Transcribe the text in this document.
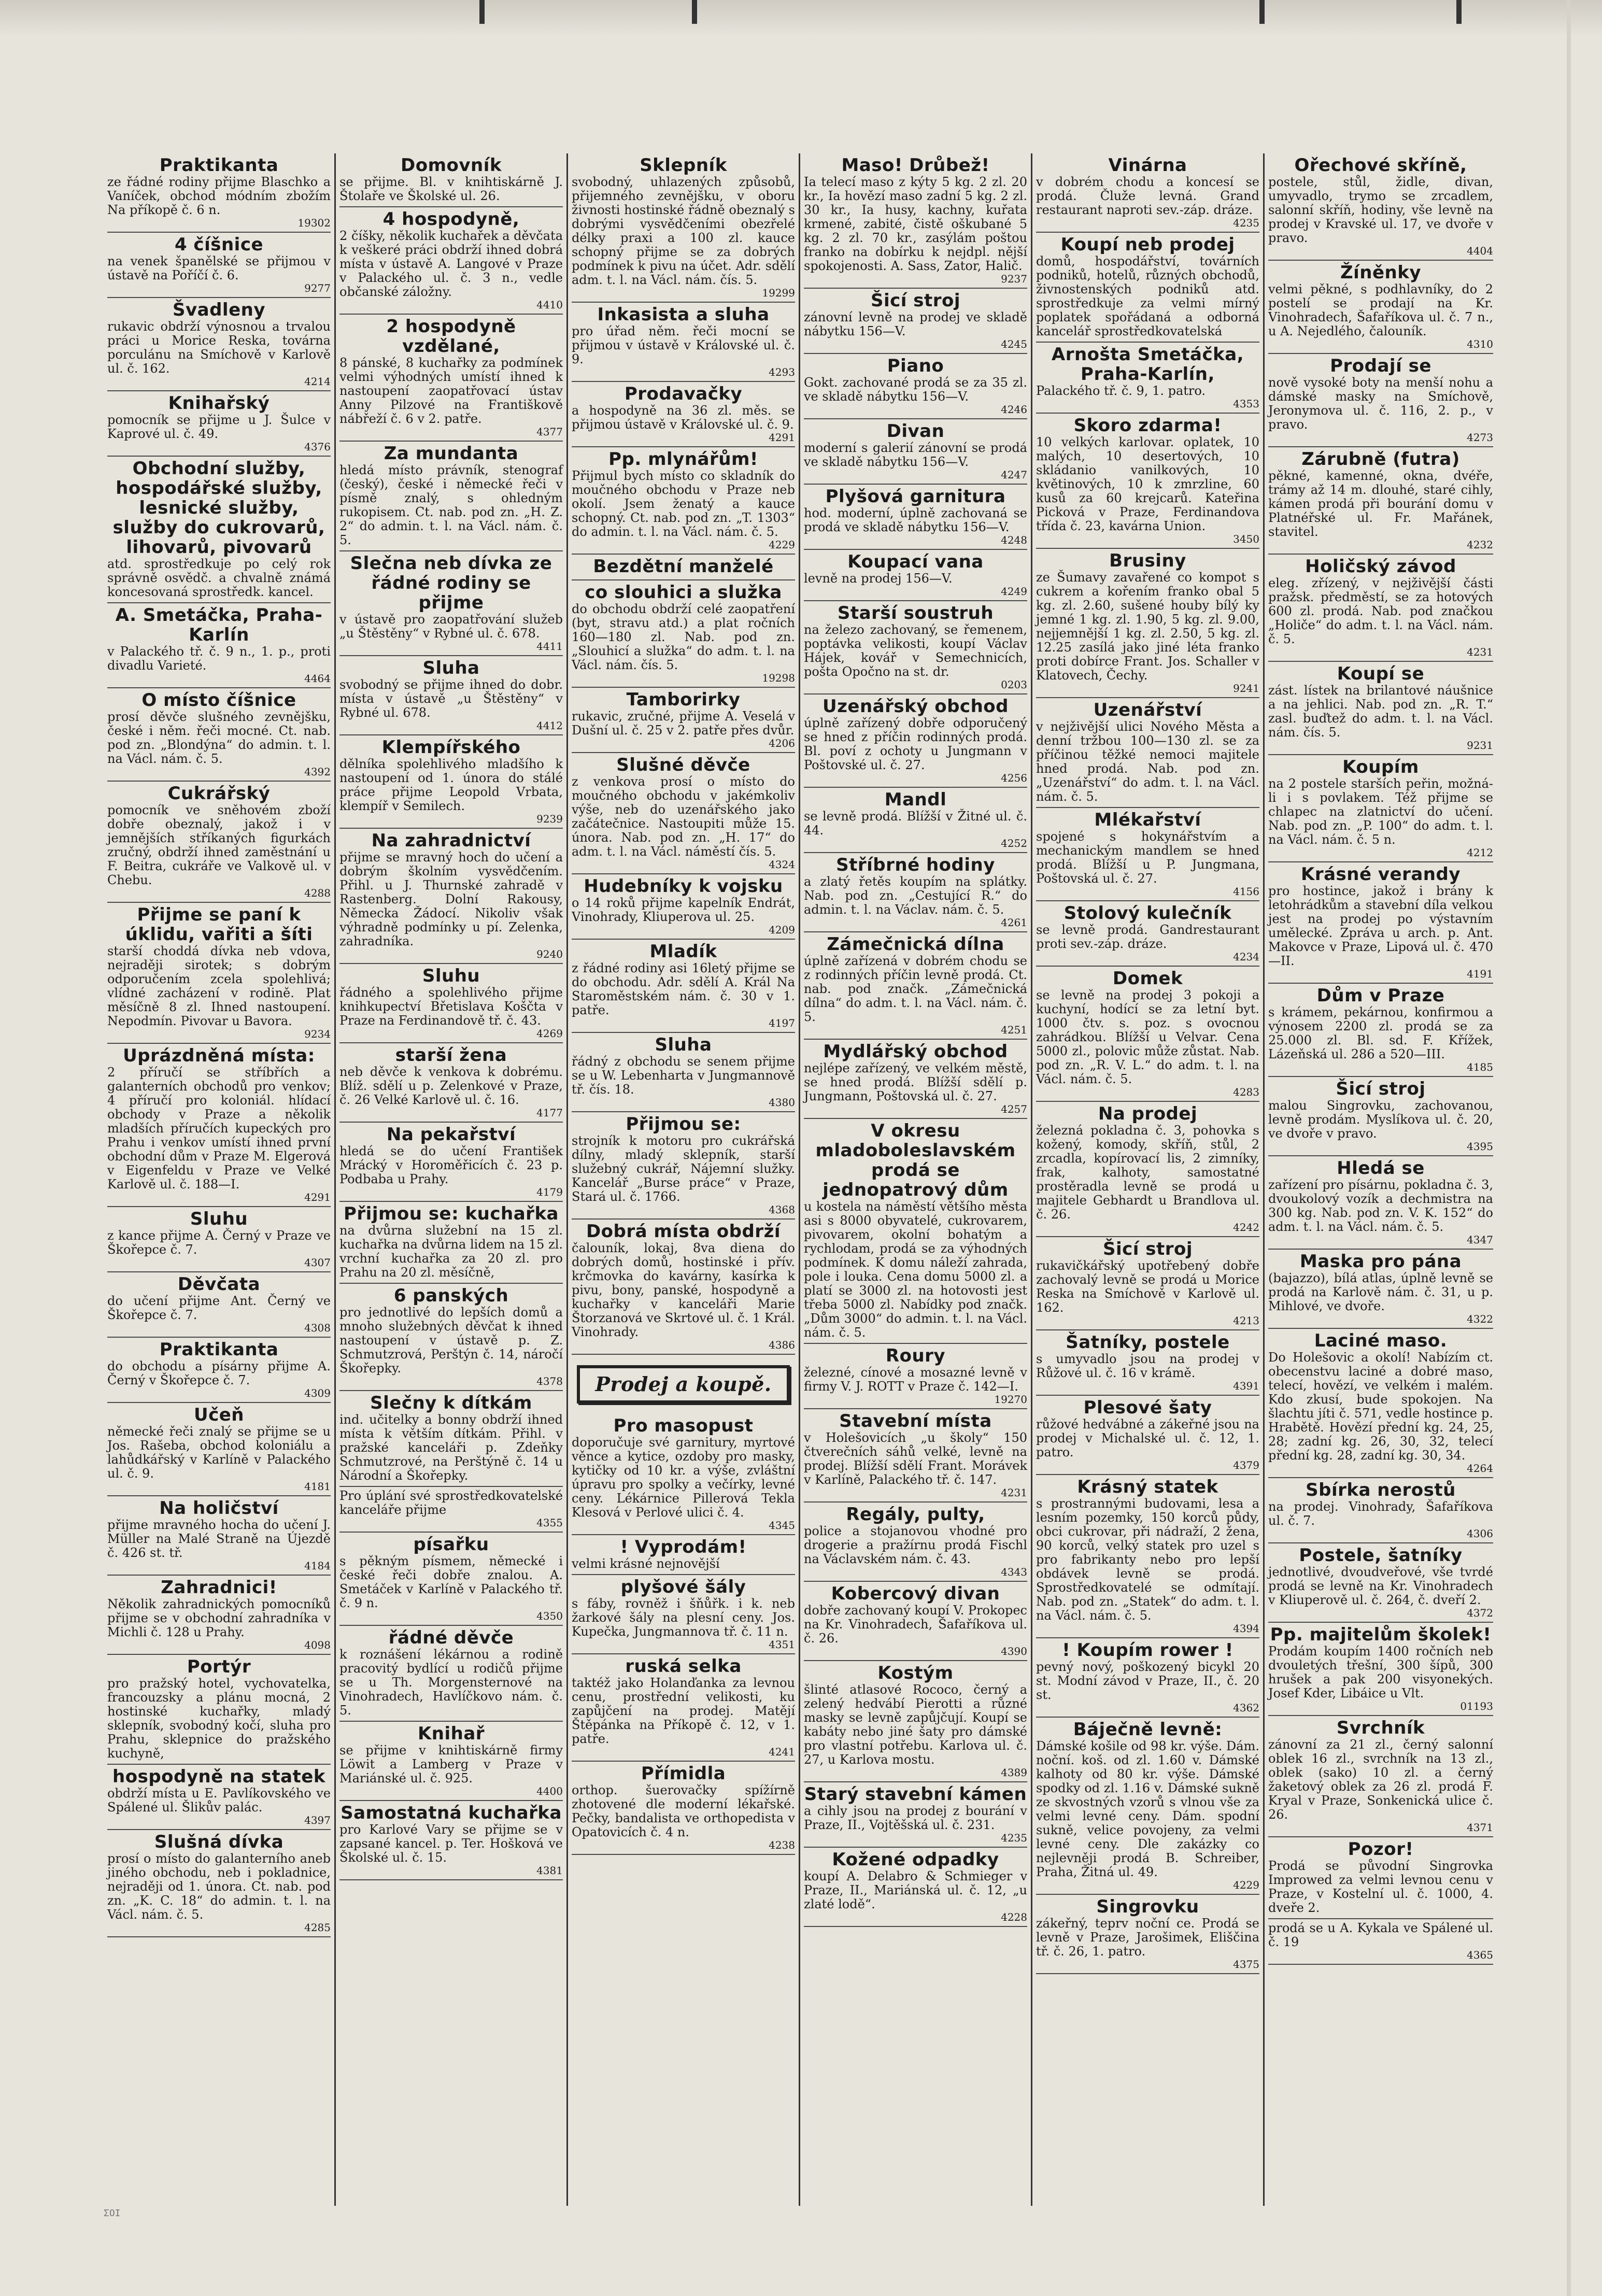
Praktikanta
ze řádné rodiny přijme Blaschko a Vaníček, obchod módním zbožím Na příkopě č. 6 n.
19302
4 číšnice
na venek španělské se přijmou v ústavě na Poříčí č. 6.
9277
Švadleny
rukavic obdrží výnosnou a trvalou práci u Morice Reska, továrna porculánu na Smíchově v Karlově ul. č. 162.
4214
Knihařský
pomocník se přijme u J. Šulce v Kaprové ul. č. 49.
4376
Obchodní služby, hospodářské služby, lesnické služby, služby do cukrovarů, lihovarů, pivovarů
atd. sprostředkuje po celý rok správně osvědč. a chvalně známá koncesovaná sprostředk. kancel.
A. Smetáčka, Praha-Karlín
v Palackého tř. č. 9 n., 1. p., proti divadlu Varieté.
4464
O místo číšnice
prosí děvče slušného zevnějšku, české i něm. řeči mocné. Ct. nab. pod zn. „Blondýna“ do admin. t. l. na Václ. nám. č. 5.
4392
Cukrářský
pomocník ve sněhovém zboží dobře obeznalý, jakož i v jemnějších stříkaných figurkách zručný, obdrží ihned zaměstnání u F. Beitra, cukráře ve Valkově ul. v Chebu.
4288
Přijme se paní k úklidu, vařiti a šíti
starší choddá dívka neb vdova, nejraději sirotek; s dobrým odporučením zcela spolehlivá; vlídné zacházení v rodině. Plat měsíčně 8 zl. Ihned nastoupení. Nepodmín. Pivovar u Bavora.
9234
Uprázdněná místa:
2 příručí se stříbřích a galanterních obchodů pro venkov; 4 příručí pro koloniál. hlídací obchody v Praze a několik mladších příručích kupeckých pro Prahu i venkov umístí ihned první obchodní dům v Praze M. Elgerová v Eigenfeldu v Praze ve Velké Karlově ul. č. 188—I.
4291
Sluhu
z kance přijme A. Černý v Praze ve Škořepce č. 7.
4307
Děvčata
do učení přijme Ant. Černý ve Škořepce č. 7.
4308
Praktikanta
do obchodu a písárny přijme A. Černý v Škořepce č. 7.
4309
Učeň
německé řeči znalý se přijme se u Jos. Rašeba, obchod koloniálu a lahůdkářský v Karlíně v Palackého ul. č. 9.
4181
Na holičství
přijme mravného hocha do učení J. Müller na Malé Straně na Újezdě č. 426 st. tř.
4184
Zahradnici!
Několik zahradnických pomocníků přijme se v obchodní zahradníka v Michli č. 128 u Prahy.
4098
Portýr
pro pražský hotel, vychovatelka, francouzsky a plánu mocná, 2 hostinské kuchařky, mladý sklepník, svobodný kočí, sluha pro Prahu, sklepnice do pražského kuchyně,
hospodyně na statek
obdrží místa u E. Pavlíkovského ve Spálené ul. Šlikův palác.
4397
Slušná dívka
prosí o místo do galanterního aneb jiného obchodu, neb i pokladnice, nejraději od 1. února. Ct. nab. pod zn. „K. C. 18“ do admin. t. l. na Václ. nám. č. 5.
4285
Domovník
se přijme. Bl. v knihtiskárně J. Štolaře ve Školské ul. 26.
4 hospodyně,
2 číšky, několik kuchařek a děvčata k veškeré práci obdrží ihned dobrá místa v ústavě A. Langové v Praze v Palackého ul. č. 3 n., vedle občanské záložny.
4410
2 hospodyně vzdělané,
8 pánské, 8 kuchařky za podmínek velmi výhodných umístí ihned k nastoupení zaopatřovací ústav Anny Pilzové na Františkově nábřeží č. 6 v 2. patře.
4377
Za mundanta
hledá místo právník, stenograf (český), české i německé řeči v písmě znalý, s ohledným rukopisem. Ct. nab. pod zn. „H. Z. 2“ do admin. t. l. na Václ. nám. č. 5.
Slečna neb dívka ze řádné rodiny se přijme
v ústavě pro zaopatřování služeb „u Štěstěny“ v Rybné ul. č. 678.
4411
Sluha
svobodný se přijme ihned do dobr. místa v ústavě „u Štěstěny“ v Rybné ul. 678.
4412
Klempířského
dělníka spolehlivého mladšího k nastoupení od 1. února do stálé práce přijme Leopold Vrbata, klempíř v Semilech.
9239
Na zahradnictví
přijme se mravný hoch do učení a dobrým školním vysvědčením. Přihl. u J. Thurnské zahradě v Rastenberg. Dolní Rakousy, Německa Žádocí. Nikoliv však výhradně podmínky u pí. Zelenka, zahradníka.
9240
Sluhu
řádného a spolehlivého přijme knihkupectví Břetislava Koščta v Praze na Ferdinandově tř. č. 43.
4269
starší žena
neb děvče k venkova k dobrému. Blíž. sdělí u p. Zelenkové v Praze, č. 26 Velké Karlově ul. č. 16.
4177
Na pekařství
hledá se do učení František Mrácký v Horoměřicích č. 23 p. Podbaba u Prahy.
4179
Přijmou se: kuchařka
na dvůrna služební na 15 zl. kuchařka na dvůrna lidem na 15 zl. vrchní kuchařka za 20 zl. pro Prahu na 20 zl. měsíčně,
6 panských
pro jednotlivé do lepších domů a mnoho služebných děvčat k ihned nastoupení v ústavě p. Z. Schmutzrová, Perštýn č. 14, náročí Škořepky.
4378
Slečny k dítkám
ind. učitelky a bonny obdrží ihned místa k větším dítkám. Přihl. v pražské kanceláři p. Zdeňky Schmutzrové, na Perštýně č. 14 u Národní a Škořepky.
Pro úplání své sprostředkovatelské kanceláře přijme
4355
písařku
s pěkným písmem, německé i české řeči dobře znalou. A. Smetáček v Karlíně v Palackého tř. č. 9 n.
4350
řádné děvče
k roznášení lékárnou a rodině pracovitý bydlící u rodičů přijme se u Th. Morgensternové na Vinohradech, Havlíčkovo nám. č. 5.
Knihař
se přijme v knihtiskárně firmy Löwit a Lamberg v Praze v Mariánské ul. č. 925.
4400
Samostatná kuchařka
pro Karlové Vary se přijme se v zapsané kancel. p. Ter. Hošková ve Školské ul. č. 15.
4381
Sklepník
svobodný, uhlazených způsobů, přijemného zevnějšku, v oboru živnosti hostinské řádně obeznalý s dobrými vysvědčeními obezřelé délky praxi a 100 zl. kauce schopný přijme se za dobrých podmínek k pivu na účet. Adr. sdělí adm. t. l. na Václ. nám. čís. 5.
19299
Inkasista a sluha
pro úřad něm. řeči mocní se přijmou v ústavě v Královské ul. č. 9.
4293
Prodavačky
a hospodyně na 36 zl. měs. se přijmou ústavě v Královské ul. č. 9.
4291
Pp. mlynářům!
Přijmul bych místo co skladník do moučného obchodu v Praze neb okolí. Jsem ženatý a kauce schopný. Ct. nab. pod zn. „T. 1303“ do admin. t. l. na Václ. nám. č. 5.
4229
Bezdětní manželé
co slouhici a služka
do obchodu obdrží celé zaopatření (byt, stravu atd.) a plat ročních 160—180 zl. Nab. pod zn. „Slouhicí a služka“ do adm. t. l. na Václ. nám. čís. 5.
19298
Tamborirky
rukavic, zručné, přijme A. Veselá v Dušní ul. č. 25 v 2. patře přes dvůr.
4206
Slušné děvče
z venkova prosí o místo do moučného obchodu v jakémkoliv výše, neb do uzenářského jako začátečnice. Nastoupiti může 15. února. Nab. pod zn. „H. 17“ do adm. t. l. na Václ. náměstí čís. 5.
4324
Hudebníky k vojsku
o 14 roků přijme kapelník Endrát, Vinohrady, Kliuperova ul. 25.
4209
Mladík
z řádné rodiny asi 16letý přijme se do obchodu. Adr. sdělí A. Král Na Staroměstském nám. č. 30 v 1. patře.
4197
Sluha
řádný z obchodu se senem přijme se u W. Lebenharta v Jungmannově tř. čís. 18.
4380
Přijmou se:
strojník k motoru pro cukrářská dílny, mladý sklepník, starší služebný cukrář, Nájemní služky. Kancelář „Burse práce“ v Praze, Stará ul. č. 1766.
4368
Dobrá místa obdrží
čalouník, lokaj, 8va diena do dobrých domů, hostinské i přív. krčmovka do kavárny, kasírka k pivu, bony, panské, hospodyně a kuchařky v kanceláři Marie Štorzanová ve Skrtové ul. č. 1 Král. Vinohrady.
4386
Prodej a koupě.
Pro masopust
doporučuje své garnitury, myrtové věnce a kytice, ozdoby pro masky, kytičky od 10 kr. a výše, zvláštní úpravu pro spolky a večírky, levné ceny. Lékárnice Pillerová Tekla Klesová v Perlové ulici č. 4.
4345
! Vyprodám!
velmi krásné nejnovější
plyšové šály
s fáby, rovněž i šňůřk. i k. neb žarkové šály na plesní ceny. Jos. Kupečka, Jungmannova tř. č. 11 n.
4351
ruská selka
taktéž jako Holanďanka za levnou cenu, prostřední velikosti, ku zapůjčení na prodej. Matějí Štěpánka na Příkopě č. 12, v 1. patře.
4241
Přímidla
orthop. šuerovačky spížírně zhotovené dle moderní lékařské. Pečky, bandalista ve orthopedista v Opatovicích č. 4 n.
4238
Maso! Drůbež!
Ia telecí maso z kýty 5 kg. 2 zl. 20 kr., Ia hovězí maso zadní 5 kg. 2 zl. 30 kr., Ia husy, kachny, kuřata krmené, zabité, čistě oškubané 5 kg. 2 zl. 70 kr., zasýlám poštou franko na dobírku k nejdpl. nější spokojenosti. A. Sass, Zator, Halič.
9237
Šicí stroj
zánovní levně na prodej ve skladě nábytku 156—V.
4245
Piano
Gokt. zachované prodá se za 35 zl. ve skladě nábytku 156—V.
4246
Divan
moderní s galerií zánovní se prodá ve skladě nábytku 156—V.
4247
Plyšová garnitura
hod. moderní, úplně zachovaná se prodá ve skladě nábytku 156—V.
4248
Koupací vana
levně na prodej 156—V.
4249
Starší soustruh
na železo zachovaný, se řemenem, poptávka velikosti, koupí Václav Hájek, kovář v Semechnicích, pošta Opočno na st. dr.
0203
Uzenářský obchod
úplně zařízený dobře odporučený se hned z příčin rodinných prodá. Bl. poví z ochoty u Jungmann v Poštovské ul. č. 27.
4256
Mandl
se levně prodá. Blížší v Žitné ul. č. 44.
4252
Stříbrné hodiny
a zlatý řetěs koupím na splátky. Nab. pod zn. „Cestující R.“ do admin. t. l. na Václav. nám. č. 5.
4261
Zámečnická dílna
úplně zařízená v dobrém chodu se z rodinných příčin levně prodá. Ct. nab. pod značk. „Zámečnická dílna“ do adm. t. l. na Václ. nám. č. 5.
4251
Mydlářský obchod
nejlépe zařízený, ve velkém městě, se hned prodá. Blížší sdělí p. Jungmann, Poštovská ul. č. 27.
4257
V okresu mladoboleslavském prodá se jednopatrový dům
u kostela na náměstí většího města asi s 8000 obyvatelé, cukrovarem, pivovarem, okolní bohatým a rychlodam, prodá se za výhodných podmínek. K domu náleží zahrada, pole i louka. Cena domu 5000 zl. a platí se 3000 zl. na hotovosti jest třeba 5000 zl. Nabídky pod značk. „Dům 3000“ do admin. t. l. na Václ. nám. č. 5.
Roury
železné, cínové a mosazné levně v firmy V. J. ROTT v Praze č. 142—I.
19270
Stavební místa
v Holešovicích „u školy“ 150 čtverečních sáhů velké, levně na prodej. Blížší sdělí Frant. Morávek v Karlíně, Palackého tř. č. 147.
4231
Regály, pulty,
police a stojanovou vhodné pro drogerie a pražírnu prodá Fischl na Václavském nám. č. 43.
4343
Kobercový divan
dobře zachovaný koupí V. Prokopec na Kr. Vinohradech, Šafaříkova ul. č. 26.
4390
Kostým
šlinté atlasové Rococo, černý a zelený hedvábí Pierotti a různé masky se levně zapůjčují. Koupí se kabáty nebo jiné šaty pro dámské pro vlastní potřebu. Karlova ul. č. 27, u Karlova mostu.
4389
Starý stavební kámen
a cihly jsou na prodej z bourání v Praze, II., Vojtěšská ul. č. 231.
4235
Kožené odpadky
koupí A. Delabro & Schmieger v Praze, II., Mariánská ul. č. 12, „u zlaté lodě“.
4228
Vinárna
v dobrém chodu a koncesí se prodá. Čluže levná. Grand restaurant naproti sev.-záp. dráze.
4235
Koupí neb prodej
domů, hospodářství, továrních podniků, hotelů, různých obchodů, živnostenských podniků atd. sprostředkuje za velmi mírný poplatek spořádaná a odborná kancelář sprostředkovatelská
Arnošta Smetáčka, Praha-Karlín,
Palackého tř. č. 9, 1. patro.
4353
Skoro zdarma!
10 velkých karlovar. oplatek, 10 malých, 10 desertových, 10 skládanio vanilkových, 10 květinových, 10 k zmrzline, 60 kusů za 60 krejcarů. Kateřina Picková v Praze, Ferdinandova třída č. 23, kavárna Union.
3450
Brusiny
ze Šumavy zavařené co kompot s cukrem a kořením franko obal 5 kg. zl. 2.60, sušené houby bílý ky jemné 1 kg. zl. 1.90, 5 kg. zl. 9.00, nejjemnější 1 kg. zl. 2.50, 5 kg. zl. 12.25 zasílá jako jiné léta franko proti dobírce Frant. Jos. Schaller v Klatovech, Čechy.
9241
Uzenářství
v nejživější ulici Nového Města a denní tržbou 100—130 zl. se za příčinou těžké nemoci majitele hned prodá. Nab. pod zn. „Uzenářství“ do adm. t. l. na Václ. nám. č. 5.
Mlékařství
spojené s hokynářstvím a mechanickým mandlem se hned prodá. Blížší u P. Jungmana, Poštovská ul. č. 27.
4156
Stolový kulečník
se levně prodá. Gandrestaurant proti sev.-záp. dráze.
4234
Domek
se levně na prodej 3 pokoji a kuchyní, hodící se za letní byt. 1000 čtv. s. poz. s ovocnou zahrádkou. Blížší u Velvar. Cena 5000 zl., polovic může zůstat. Nab. pod zn. „R. V. L.“ do adm. t. l. na Václ. nám. č. 5.
4283
Na prodej
železná pokladna č. 3, pohovka s kožený, komody, skříň, stůl, 2 zrcadla, kopírovací lis, 2 zimníky, frak, kalhoty, samostatné prostěradla levně se prodá u majitele Gebhardt u Brandlova ul. č. 26.
4242
Šicí stroj
rukavičkářský upotřebený dobře zachovalý levně se prodá u Morice Reska na Smíchově v Karlově ul. 162.
4213
Šatníky, postele
s umyvadlo jsou na prodej v Růžové ul. č. 16 v krámě.
4391
Plesové šaty
růžové hedvábné a zákeřné jsou na prodej v Michalské ul. č. 12, 1. patro.
4379
Krásný statek
s prostrannými budovami, lesa a lesním pozemky, 150 korců půdy, obci cukrovar, při nádraží, 2 žena, 90 korců, velký statek pro uzel s pro fabrikanty nebo pro lepší obdávek levně se prodá. Sprostředkovatelé se odmítají. Nab. pod zn. „Statek“ do adm. t. l. na Václ. nám. č. 5.
4394
! Koupím rower !
pevný nový, poškozený bicykl 20 st. Modní závod v Praze, II., č. 20 st.
4362
Báječně levně:
Dámské košile od 98 kr. výše. Dám. noční. koš. od zl. 1.60 v. Dámské kalhoty od 80 kr. výše. Dámské spodky od zl. 1.16 v. Dámské sukně ze skvostných vzorů s vlnou vše za velmi levné ceny. Dám. spodní sukně, velice povojeny, za velmi levné ceny. Dle zakázky co nejlevněji prodá B. Schreiber, Praha, Žitná ul. 49.
4229
Singrovku
zákeřný, teprv noční ce. Prodá se levně v Praze, Jarošimek, Eliščina tř. č. 26, 1. patro.
4375
Ořechové skříně,
postele, stůl, židle, divan, umyvadlo, trymo se zrcadlem, salonní skříň, hodiny, vše levně na prodej v Kravské ul. 17, ve dvoře v pravo.
4404
Žíněnky
velmi pěkné, s podhlavníky, do 2 postelí se prodají na Kr. Vinohradech, Šafaříkova ul. č. 7 n., u A. Nejedlého, čalouník.
4310
Prodají se
nově vysoké boty na menší nohu a dámské masky na Smíchově, Jeronymova ul. č. 116, 2. p., v pravo.
4273
Zárubně (futra)
pěkné, kamenné, okna, dvéře, trámy až 14 m. dlouhé, staré cihly, kámen prodá při bourání domu v Platnéřské ul. Fr. Mařánek, stavitel.
4232
Holičský závod
eleg. zřízený, v nejživější části pražsk. předměstí, se za hotových 600 zl. prodá. Nab. pod značkou „Holiče“ do adm. t. l. na Václ. nám. č. 5.
4231
Koupí se
zást. lístek na brilantové náušnice a na jehlici. Nab. pod zn. „R. T.“ zasl. buďtež do adm. t. l. na Václ. nám. čís. 5.
9231
Koupím
na 2 postele starších peřin, možná-li i s povlakem. Též přijme se chlapec na zlatnictví do učení. Nab. pod zn. „P. 100“ do adm. t. l. na Václ. nám. č. 5 n.
4212
Krásné verandy
pro hostince, jakož i brány k letohrádkům a stavební díla velkou jest na prodej po výstavním umělecké. Zpráva u arch. p. Ant. Makovce v Praze, Lipová ul. č. 470—II.
4191
Dům v Praze
s krámem, pekárnou, konfirmou a výnosem 2200 zl. prodá se za 25.000 zl. Bl. sd. F. Křížek, Lázeňská ul. 286 a 520—III.
4185
Šicí stroj
malou Singrovku, zachovanou, levně prodám. Myslíkova ul. č. 20, ve dvoře v pravo.
4395
Hledá se
zařízení pro písárnu, pokladna č. 3, dvoukolový vozík a dechmistra na 300 kg. Nab. pod zn. V. K. 152“ do adm. t. l. na Václ. nám. č. 5.
4347
Maska pro pána
(bajazzo), bílá atlas, úplně levně se prodá na Karlově nám. č. 31, u p. Mihlové, ve dvoře.
4322
Laciné maso.
Do Holešovic a okolí! Nabízím ct. obecenstvu laciné a dobré maso, telecí, hovězí, ve velkém i malém. Kdo zkusí, bude spokojen. Na šlachtu jíti č. 571, vedle hostince p. Hrabětě. Hovězí přední kg. 24, 25, 28; zadní kg. 26, 30, 32, telecí přední kg. 28, zadní kg. 30, 34.
4264
Sbírka nerostů
na prodej. Vinohrady, Šafaříkova ul. č. 7.
4306
Postele, šatníky
jednotlivé, dvoudveřové, vše tvrdé prodá se levně na Kr. Vinohradech v Kliuperově ul. č. 264, č. dveří 2.
4372
Pp. majitelům školek!
Prodám koupím 1400 ročních neb dvouletých třešní, 300 šípů, 300 hrušek a pak 200 visyonekých. Josef Kder, Libáice u Vlt.
01193
Svrchník
zánovní za 21 zl., černý salonní oblek 16 zl., svrchník na 13 zl., oblek (sako) 10 zl. a černý žaketový oblek za 26 zl. prodá F. Kryal v Praze, Sonkenická ulice č. 26.
4371
Pozor!
Prodá se původní Singrovka Improwed za velmi levnou cenu v Praze, v Kostelní ul. č. 1000, 4. dveře 2.
prodá se u A. Kykala ve Spálené ul. č. 19
4365
ΣΟΙ
